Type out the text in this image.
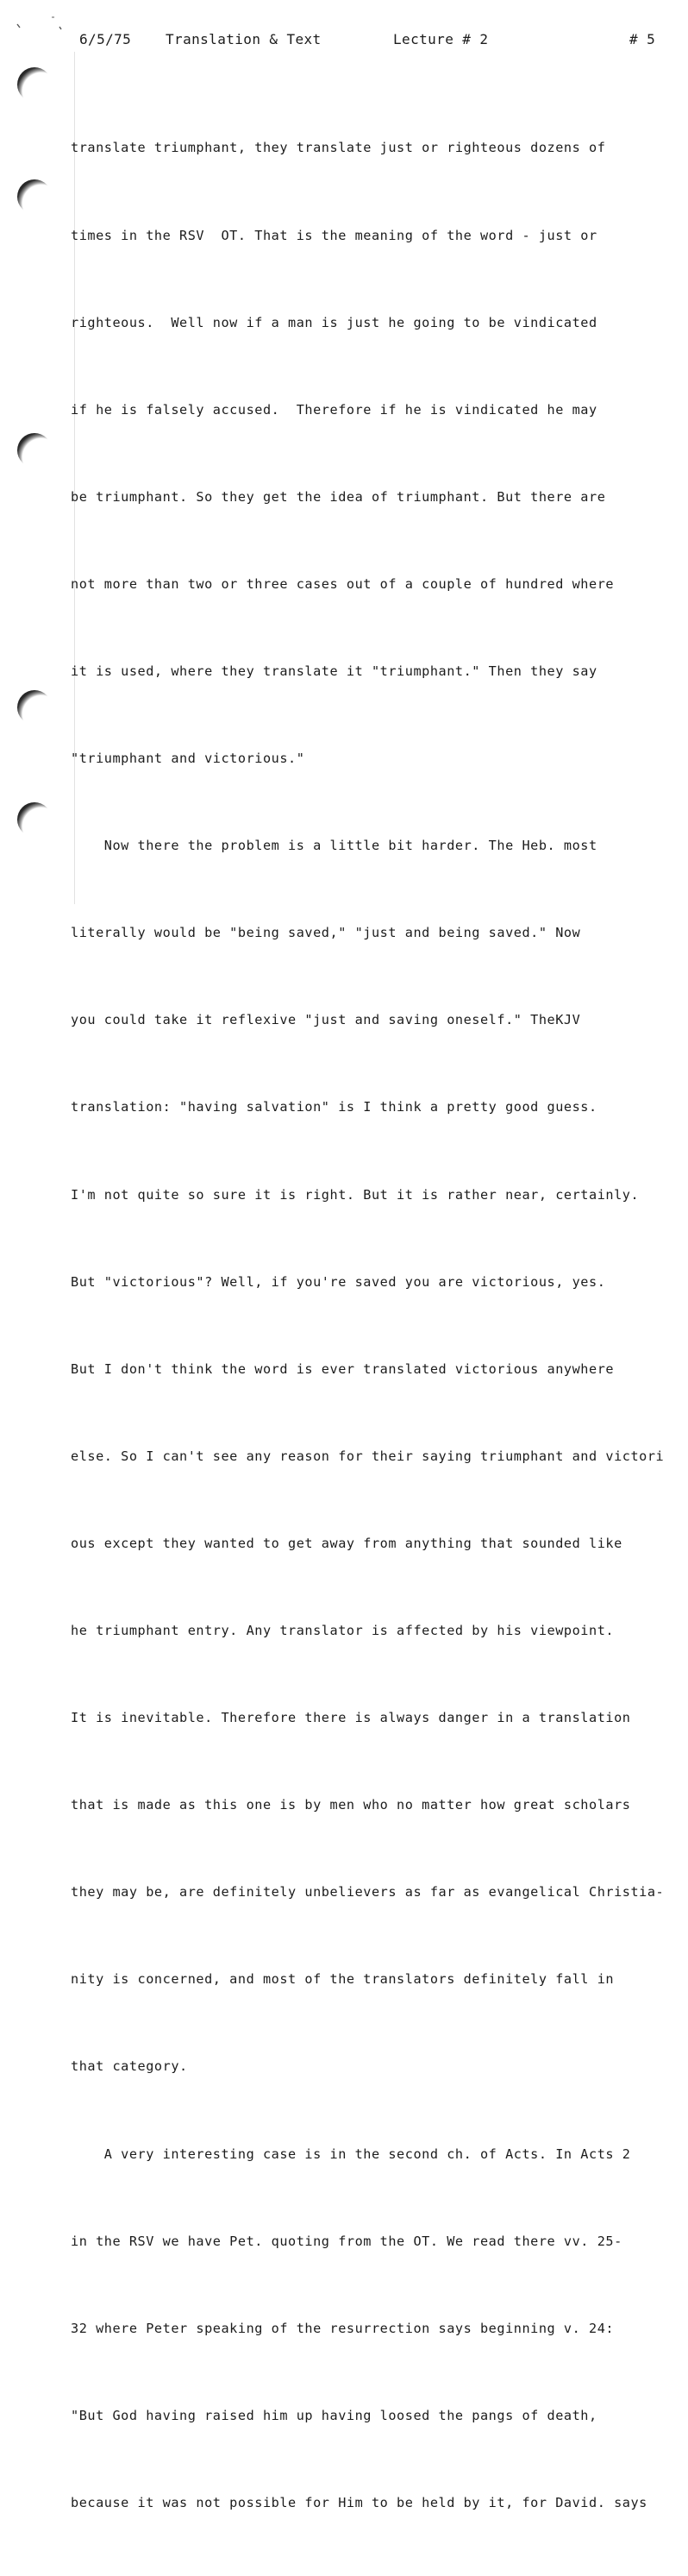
6/5/75 Translation & Text	Lecture # 2	# 5

translate triumphant, they translate just or righteous dozens of

times in the RSV  OT. That is the meaning of the word - just or

righteous.  Well now if a man is just he going to be vindicated

if he is falsely accused.  Therefore if he is vindicated he may

be triumphant. So they get the idea of triumphant. But there are

not more than two or three cases out of a couple of hundred where

it is used, where they translate it "triumphant." Then they say

"triumphant and victorious."

Now there the problem is a little bit harder. The Heb. most

literally would be "being saved," "just and being saved." Now

you could take it reflexive "just and saving oneself." TheKJV

translation: "having salvation" is I think a pretty good guess.

I'm not quite so sure it is right. But it is rather near, certainly.

But "victorious"? Well, if you're saved you are victorious, yes.

But I don't think the word is ever translated victorious anywhere

else. So I can't see any reason for their saying triumphant and victori

ous except they wanted to get away from anything that sounded like

he triumphant entry. Any translator is affected by his viewpoint.

It is inevitable. Therefore there is always danger in a translation

that is made as this one is by men who no matter how great scholars

they may be, are definitely unbelievers as far as evangelical Christia-

nity is concerned, and most of the translators definitely fall in

that category.

A very interesting case is in the second ch. of Acts. In Acts 2

in the RSV we have Pet. quoting from the OT. We read there vv. 25-

32 where Peter speaking of the resurrection says beginning v. 24:

"But God having raised him up having loosed the pangs of death,

because it was not possible for Him to be held by it, for David. says
